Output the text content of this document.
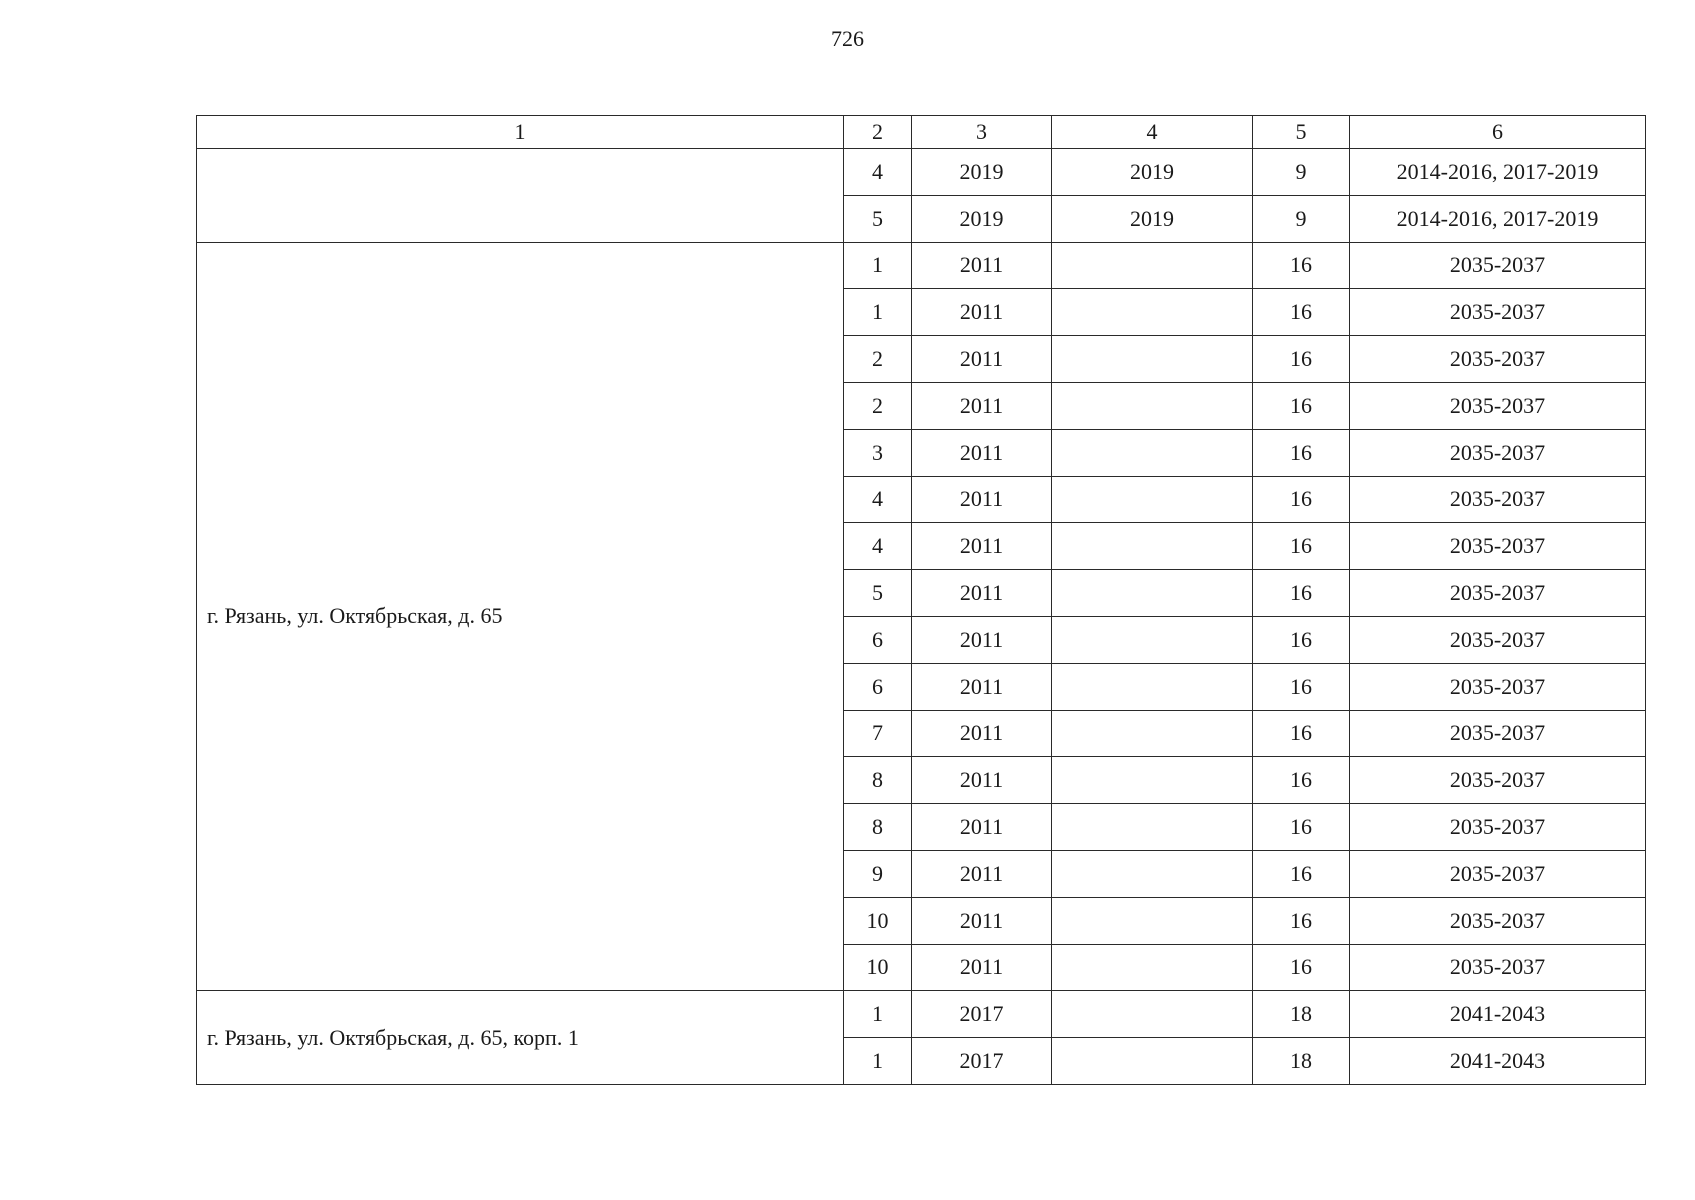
726
1	2	3	4	5	6
	4	2019	2019	9	2014-2016, 2017-2019
	5	2019	2019	9	2014-2016, 2017-2019
г. Рязань, ул. Октябрьская, д. 65	1	2011		16	2035-2037
	1	2011		16	2035-2037
	2	2011		16	2035-2037
	2	2011		16	2035-2037
	3	2011		16	2035-2037
	4	2011		16	2035-2037
	4	2011		16	2035-2037
	5	2011		16	2035-2037
	6	2011		16	2035-2037
	6	2011		16	2035-2037
	7	2011		16	2035-2037
	8	2011		16	2035-2037
	8	2011		16	2035-2037
	9	2011		16	2035-2037
	10	2011		16	2035-2037
	10	2011		16	2035-2037
г. Рязань, ул. Октябрьская, д. 65, корп. 1	1	2017		18	2041-2043
	1	2017		18	2041-2043
